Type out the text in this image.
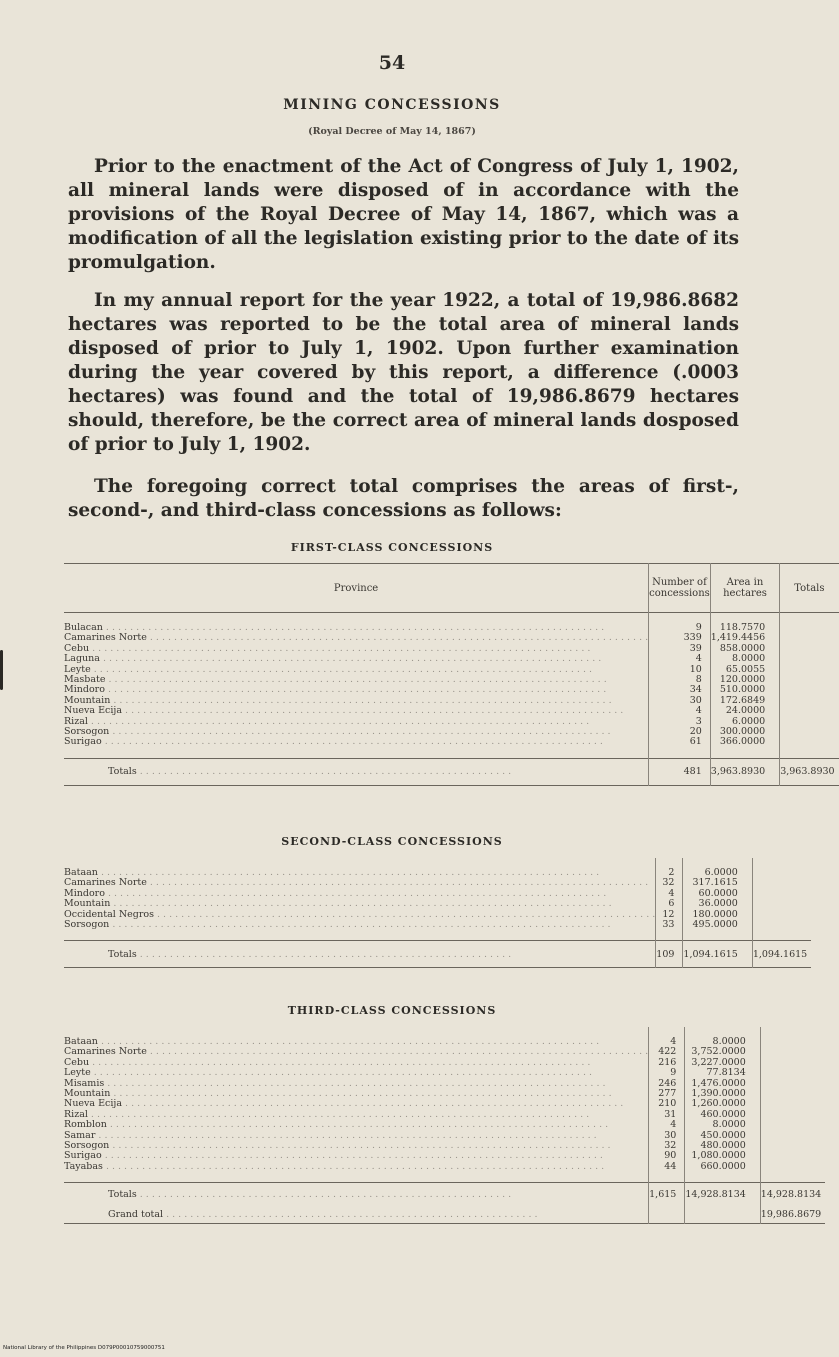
54
MINING CONCESSIONS
(Royal Decree of May 14, 1867)

Prior to the enactment of the Act of Congress of July 1, 1902, all mineral lands were disposed of in accordance with the provisions of the Royal Decree of May 14, 1867, which was a modification of all the legislation existing prior to the date of its promulgation.

In my annual report for the year 1922, a total of 19,986.8682 hectares was reported to be the total area of mineral lands disposed of prior to July 1, 1902. Upon further examination during the year covered by this report, a difference (.0003 hectares) was found and the total of 19,986.8679 hectares should, therefore, be the correct area of mineral lands dosposed of prior to July 1, 1902.

The foregoing correct total comprises the areas of first-, second-, and third-class concessions as follows:

FIRST-CLASS CONCESSIONS
Province	Number of concessions	Area in hectares	Totals
Bulacan . . .	9	118.7570	
Camarines Norte . . .	339	1,419.4456	
Cebu . . .	39	858.0000	
Laguna . . .	4	8.0000	
Leyte . . .	10	65.0055	
Masbate . . .	8	120.0000	
Mindoro . . .	34	510.0000	
Mountain . . .	30	172.6849	
Nueva Ecija . . .	4	24.0000	
Rizal . . .	3	6.0000	
Sorsogon . . .	20	300.0000	
Surigao . . .	61	366.0000	
Totals . . .	481	3,963.8930	3,963.8930
SECOND-CLASS CONCESSIONS
Bataan . . .	2	6.0000	
Camarines Norte . . .	32	317.1615	
Mindoro . . .	4	60.0000	
Mountain . . .	6	36.0000	
Occidental Negros . . .	12	180.0000	
Sorsogon . . .	33	495.0000	
Totals . . .	109	1,094.1615	1,094.1615
THIRD-CLASS CONCESSIONS
Bataan . . .	4	8.0000	
Camarines Norte . . .	422	3,752.0000	
Cebu . . .	216	3,227.0000	
Leyte . . .	9	77.8134	
Misamis . . .	246	1,476.0000	
Mountain . . .	277	1,390.0000	
Nueva Ecija . . .	210	1,260.0000	
Rizal . . .	31	460.0000	
Romblon . . .	4	8.0000	
Samar . . .	30	450.0000	
Sorsogon . . .	32	480.0000	
Surigao . . .	90	1,080.0000	
Tayabas . . .	44	660.0000	
Totals . . .	1,615	14,928.8134	14,928.8134
Grand total . . .			19,986.8679
National Library of the Philippines D079P00010759000751
